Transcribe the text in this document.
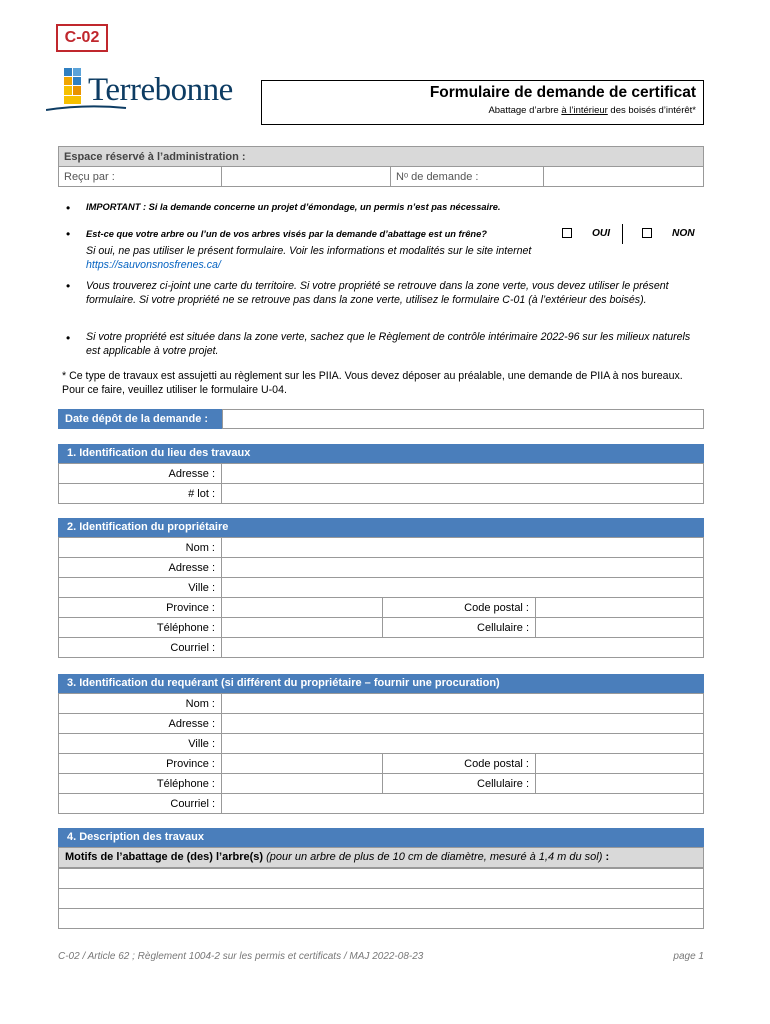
C-02
Terrebonne	Formulaire de demande de certificat
Abattage d’arbre à l’intérieur des boisés d’intérêt*
Espace réservé à l’administration :
Reçu par :		Nᵒ de demande :	
•
IMPORTANT : Si la demande concerne un projet d’émondage, un permis n’est pas nécessaire.
•
Est-ce que votre arbre ou l’un de vos arbres visés par la demande d’abattage est un frêne?	OUI	NON
Si oui, ne pas utiliser le présent formulaire. Voir les informations et modalités sur le site internet
https://sauvonsnosfrenes.ca/
•
Vous trouverez ci-joint une carte du territoire. Si votre propriété se retrouve dans la zone verte, vous devez utiliser le présent formulaire. Si votre propriété ne se retrouve pas dans la zone verte, utilisez le formulaire C-01 (à l’extérieur des boisés).
•
Si votre propriété est située dans la zone verte, sachez que le Règlement de contrôle intérimaire 2022-96 sur les milieux naturels est applicable à votre projet.
* Ce type de travaux est assujetti au règlement sur les PIIA. Vous devez déposer au préalable, une demande de PIIA à nos bureaux. Pour ce faire, veuillez utiliser le formulaire U-04.
Date dépôt de la demande :
1. Identification du lieu des travaux
Adresse :	
# lot :	
2. Identification du propriétaire
Nom :			
Adresse :			
Ville :			
Province :		Code postal :	
Téléphone :		Cellulaire :	
Courriel :			
3. Identification du requérant (si différent du propriétaire – fournir une procuration)
Nom :			
Adresse :			
Ville :			
Province :		Code postal :	
Téléphone :		Cellulaire :	
Courriel :			
4. Description des travaux
Motifs de l’abattage de (des) l’arbre(s) (pour un arbre de plus de 10 cm de diamètre, mesuré à 1,4 m du sol) :

C-02 / Article 62 ; Règlement 1004-2 sur les permis et certificats / MAJ 2022-08-23	page 1
